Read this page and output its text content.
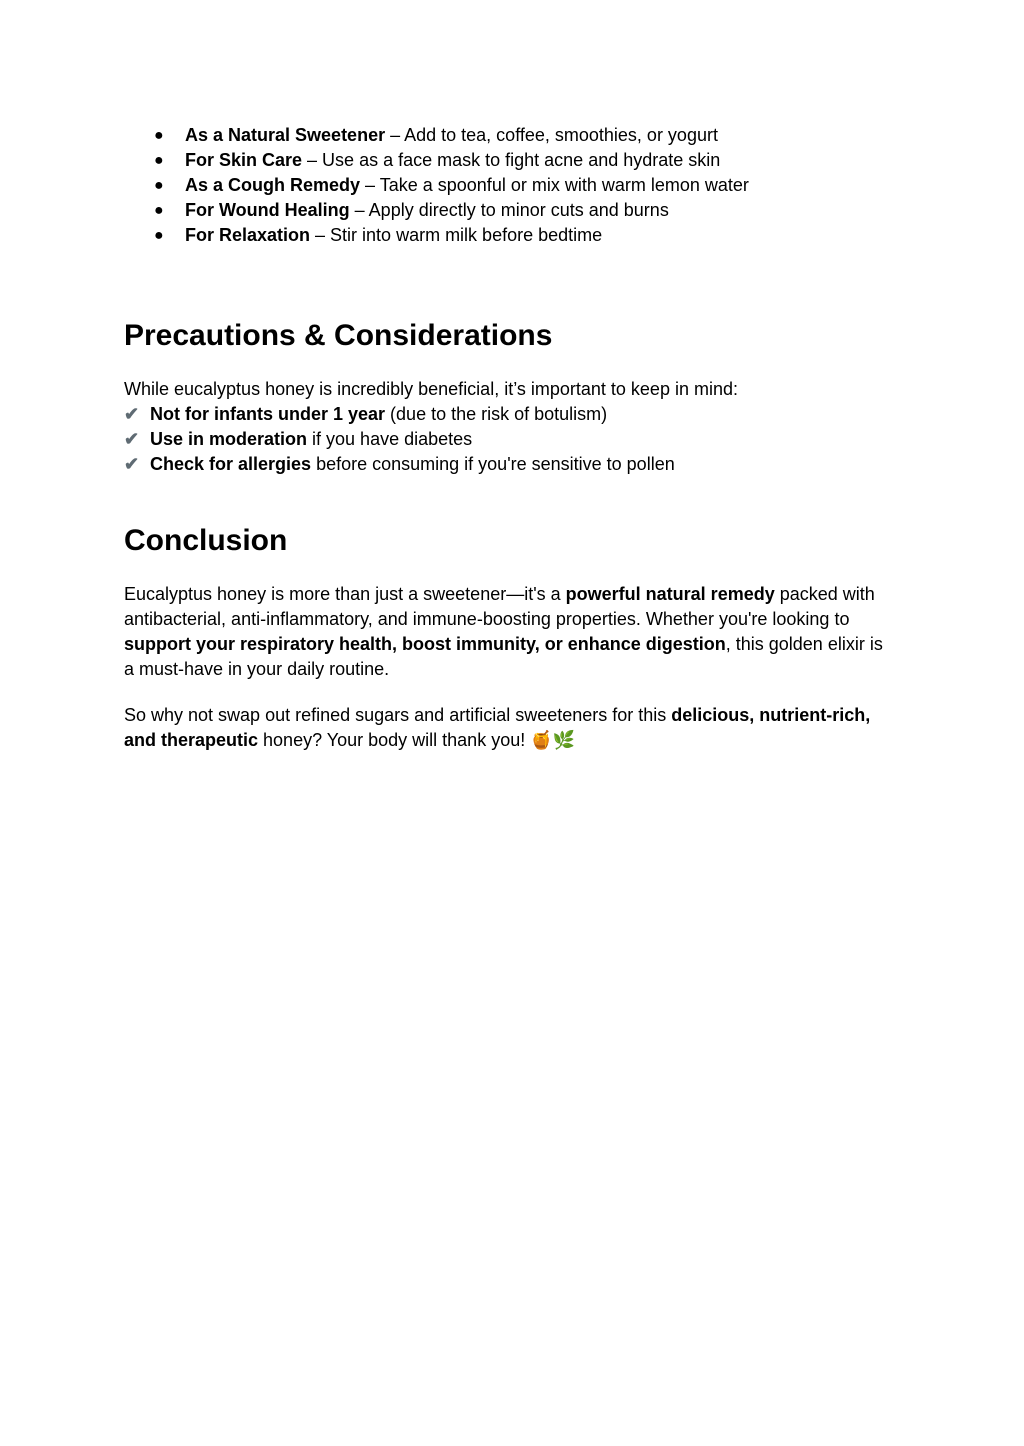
● As a Natural Sweetener – Add to tea, coffee, smoothies, or yogurt
● For Skin Care – Use as a face mask to fight acne and hydrate skin
● As a Cough Remedy – Take a spoonful or mix with warm lemon water
● For Wound Healing – Apply directly to minor cuts and burns
● For Relaxation – Stir into warm milk before bedtime
Precautions & Considerations
While eucalyptus honey is incredibly beneficial, it’s important to keep in mind:
✔ Not for infants under 1 year (due to the risk of botulism)
✔ Use in moderation if you have diabetes
✔ Check for allergies before consuming if you're sensitive to pollen
Conclusion

Eucalyptus honey is more than just a sweetener—it's a powerful natural remedy packed with antibacterial, anti-inflammatory, and immune-boosting properties. Whether you're looking to support your respiratory health, boost immunity, or enhance digestion, this golden elixir is a must-have in your daily routine.

So why not swap out refined sugars and artificial sweeteners for this delicious, nutrient-rich, and therapeutic honey? Your body will thank you! 🍯🌿
